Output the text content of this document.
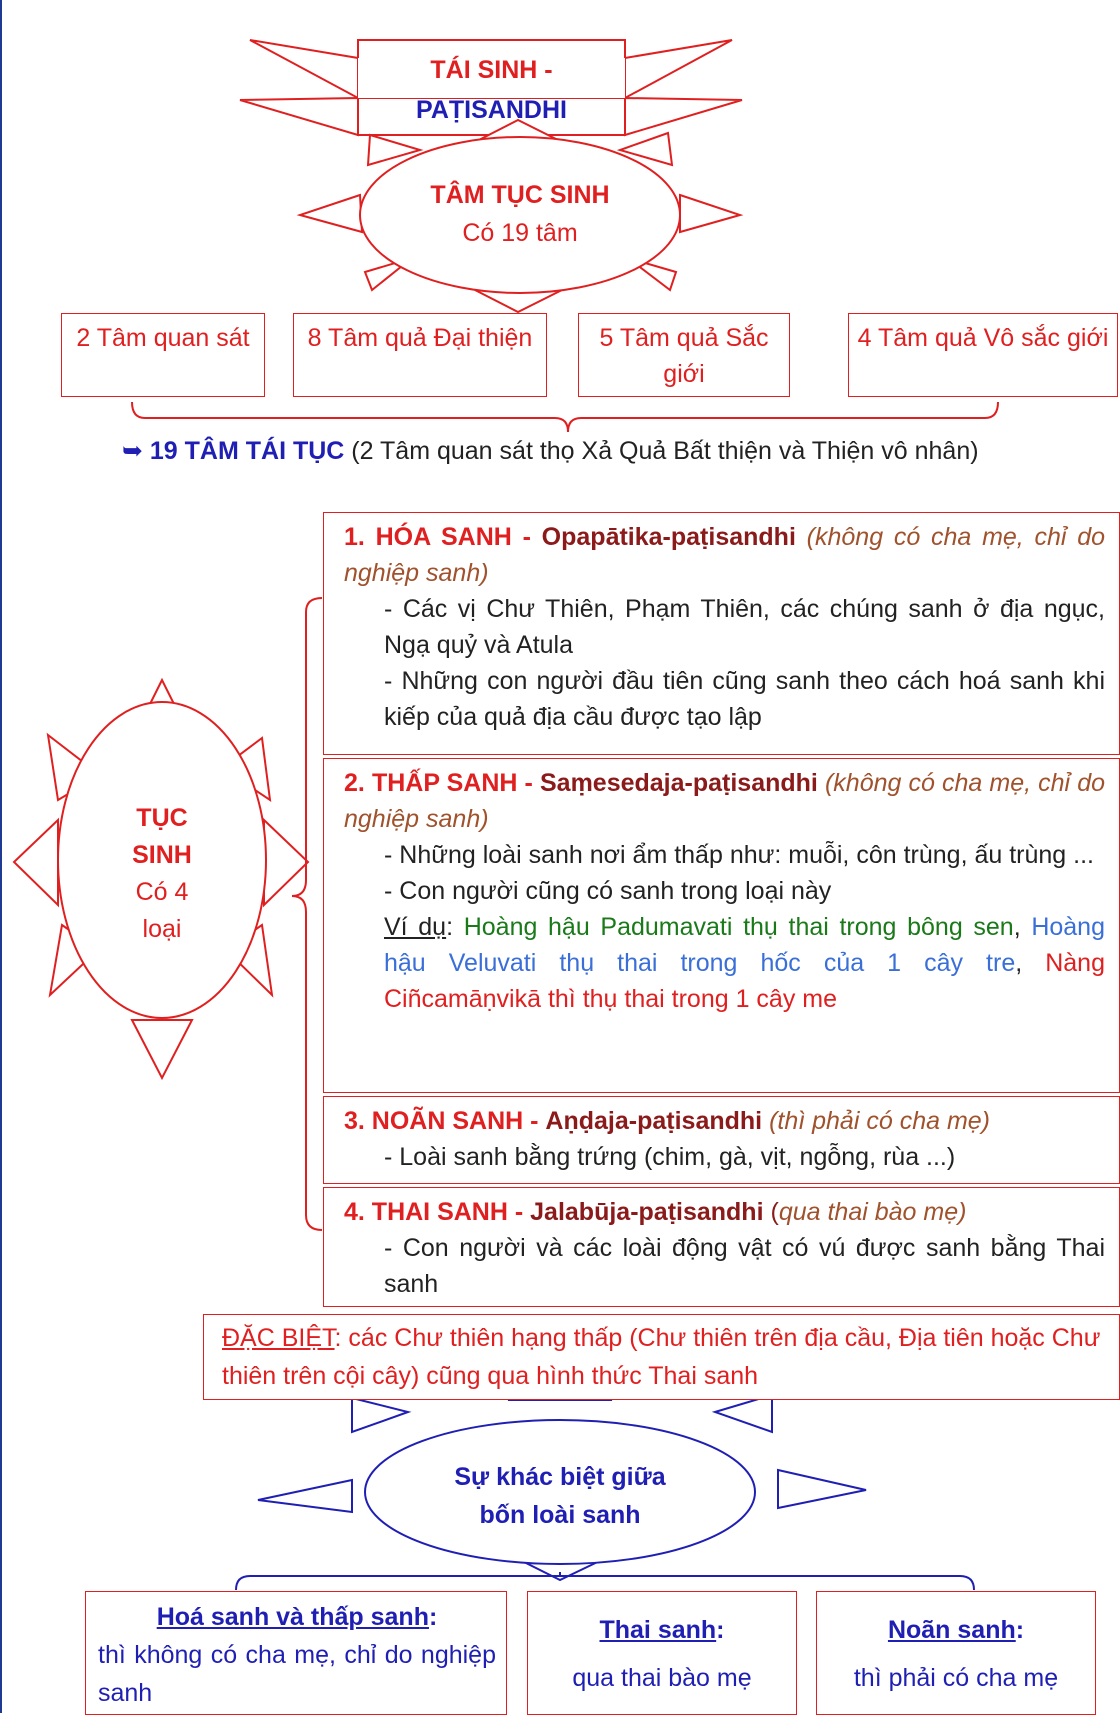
TÁI SINH - PAṬISANDHI
TÂM TỤC SINH
Có 19 tâm
2 Tâm quan sát	8 Tâm quả Đại thiện	5 Tâm quả Sắc giới
4 Tâm quả Vô sắc giới
➥ 19 TÂM TÁI TỤC (2 Tâm quan sát thọ Xả Quả Bất thiện và Thiện vô nhân)
TỤC
SINH
Có 4
loại

1. HÓA SANH - Opapātika-paṭisandhi (không có cha mẹ, chỉ do nghiệp sanh)

- Các vị Chư Thiên, Phạm Thiên, các chúng sanh ở địa ngục, Ngạ quỷ và Atula

- Những con người đầu tiên cũng sanh theo cách hoá sanh khi kiếp của quả địa cầu được tạo lập

2. THẤP SANH - Saṃesedaja-paṭisandhi (không có cha mẹ, chỉ do nghiệp sanh)

- Những loài sanh nơi ẩm thấp như: muỗi, côn trùng, ấu trùng ...

- Con người cũng có sanh trong loại này

Ví dụ: Hoàng hậu Padumavati thụ thai trong bông sen, Hoàng hậu Veluvati thụ thai trong hốc của 1 cây tre, Nàng Ciñcamāṇvikā thì thụ thai trong 1 cây me

3. NOÃN SANH - Aṇḍaja-paṭisandhi (thì phải có cha mẹ)

- Loài sanh bằng trứng (chim, gà, vịt, ngỗng, rùa ...)

4. THAI SANH - Jalabūja-paṭisandhi (qua thai bào mẹ)

- Con người và các loài động vật có vú được sanh bằng Thai sanh

ĐẶC BIỆT: các Chư thiên hạng thấp (Chư thiên trên địa cầu, Địa tiên hoặc Chư thiên trên cội cây) cũng qua hình thức Thai sanh
Sự khác biệt giữa
bốn loài sanh
Hoá sanh và thấp sanh:
thì không có cha mẹ, chỉ do nghiệp sanh
Thai sanh:
qua thai bào mẹ
Noãn sanh:
thì phải có cha mẹ
